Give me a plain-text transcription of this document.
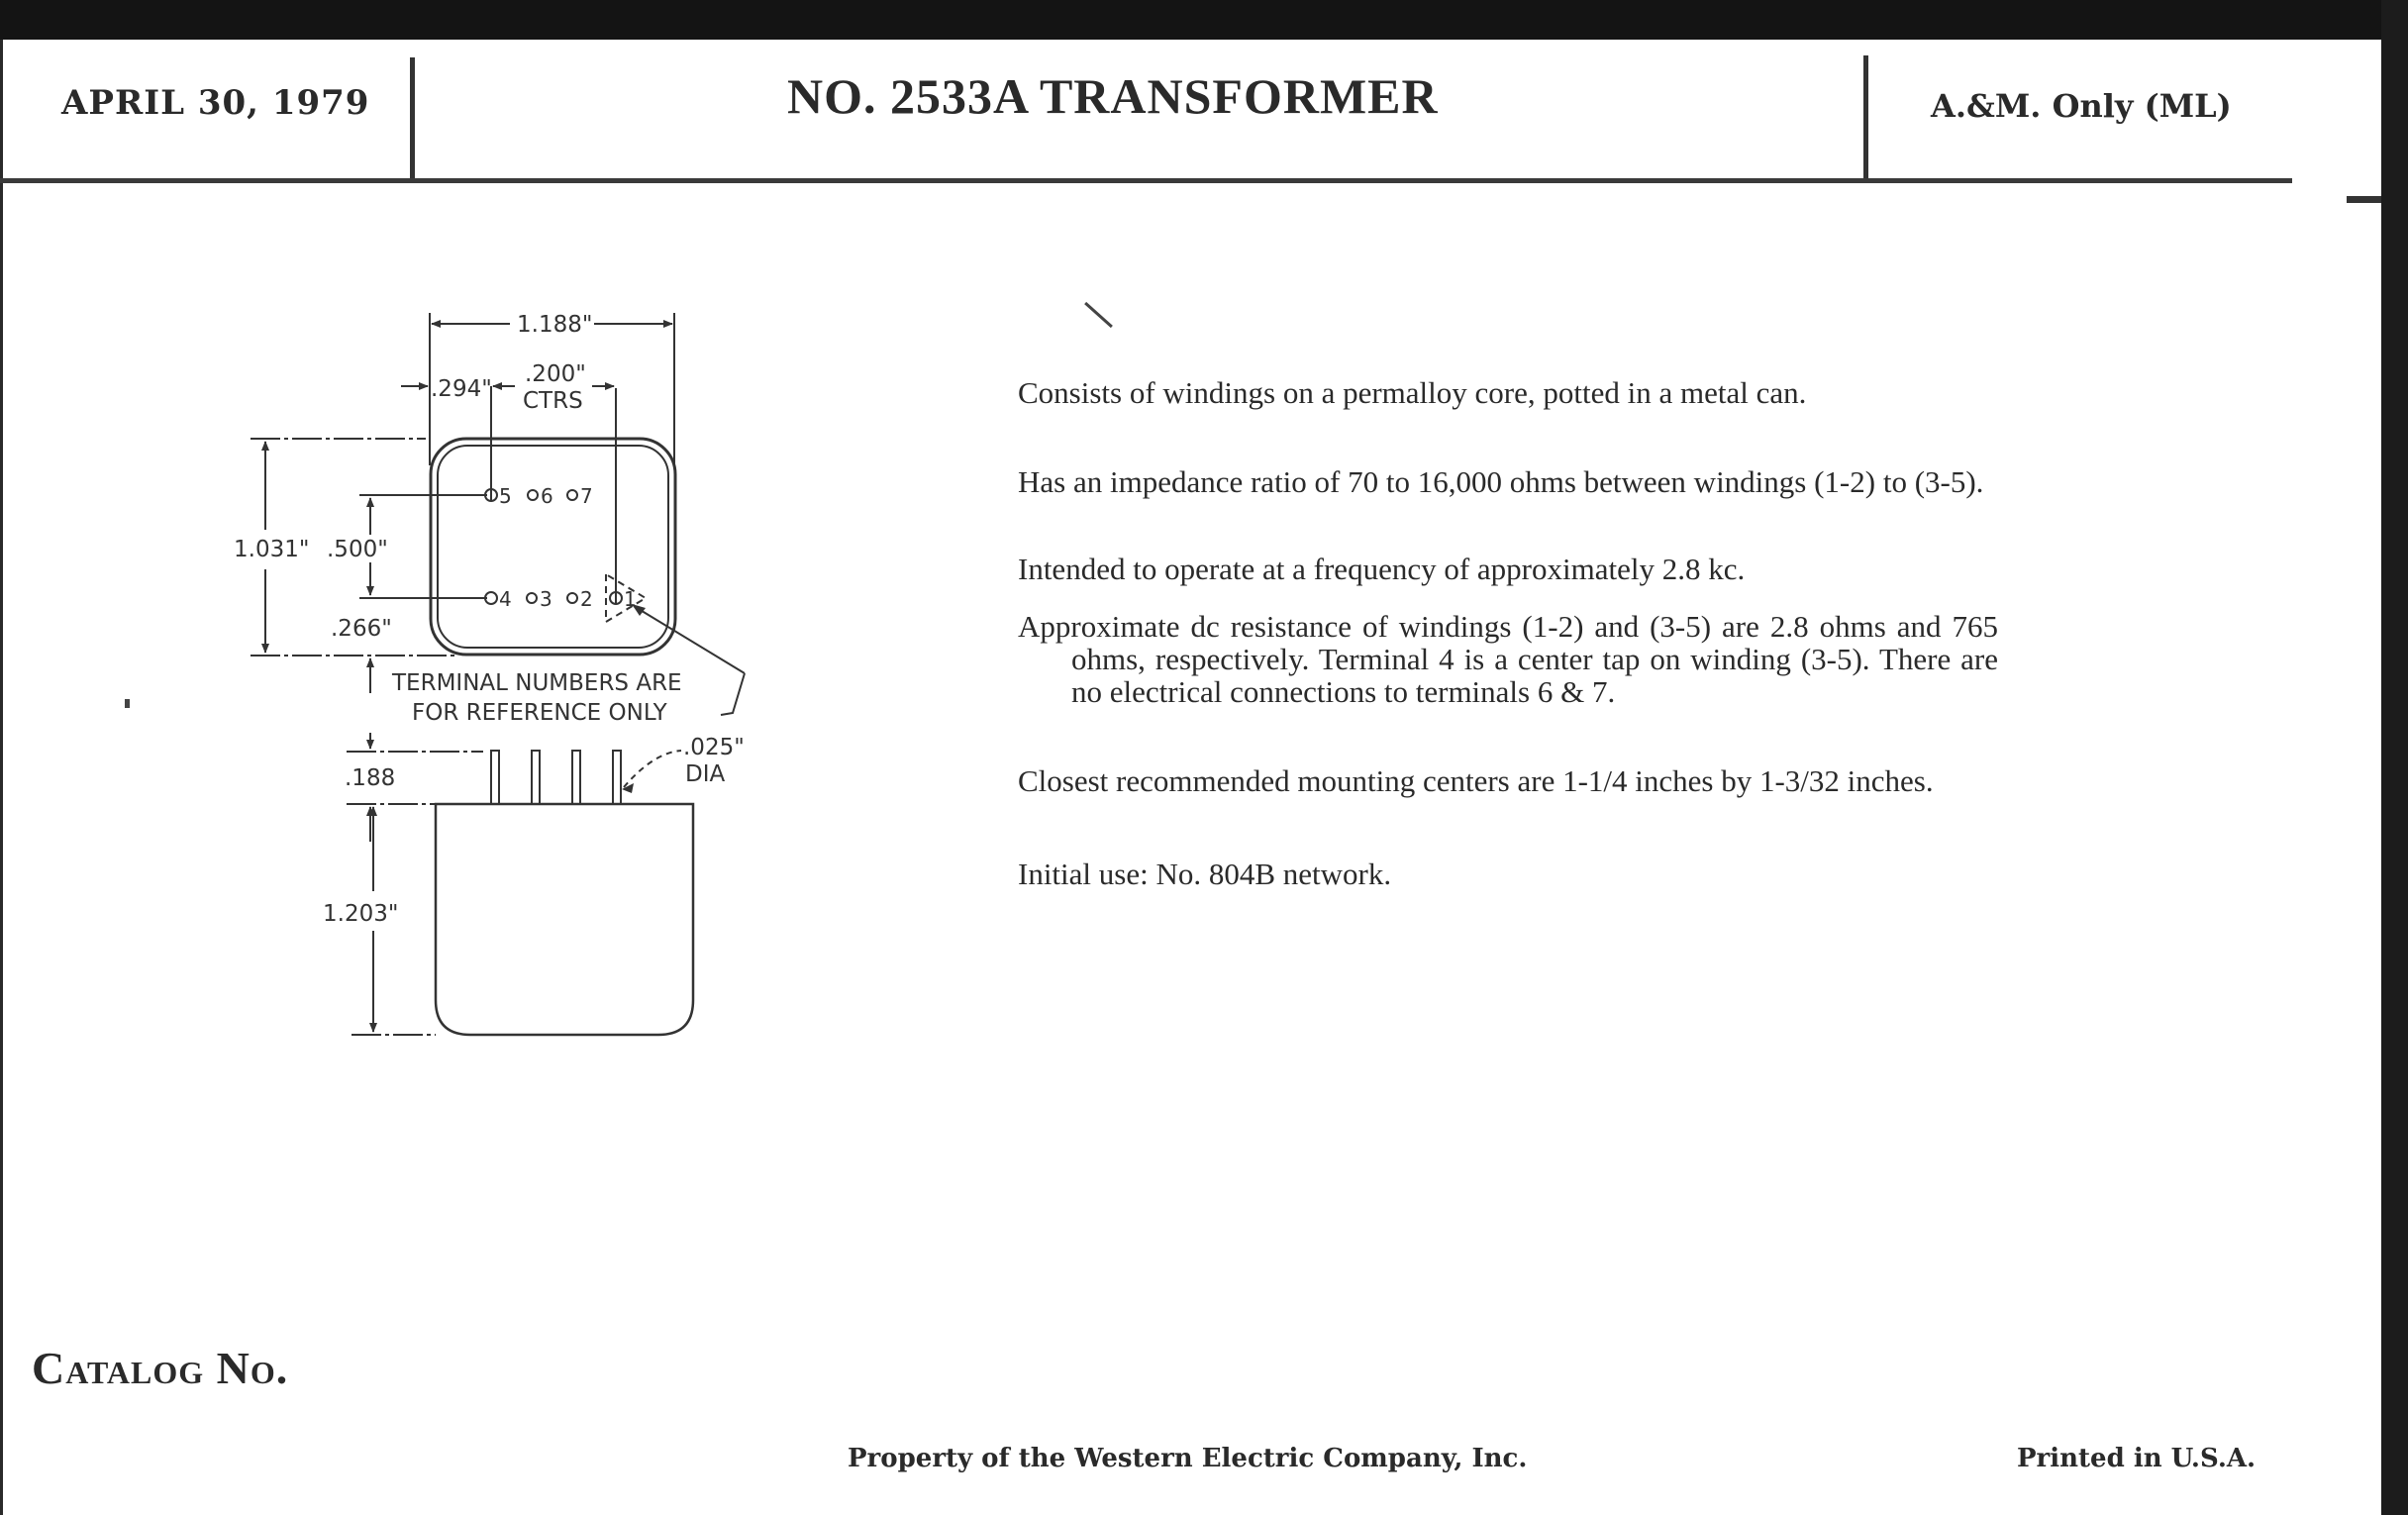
APRIL 30, 1979	NO. 2533A TRANSFORMER	A.&M. Only (ML)
1.188"
.294"
.200"
CTRS
1.031" .500"
.266"
5 6 7
4 3 2 1
TERMINAL NUMBERS ARE
FOR REFERENCE ONLY
.188
.025"
DIA
1.203"

Consists of windings on a permalloy core, potted in a metal can.

Has an impedance ratio of 70 to 16,000 ohms between windings (1-2) to (3-5).

Intended to operate at a frequency of approximately 2.8 kc.

Approximate dc resistance of windings (1-2) and (3-5) are 2.8 ohms and 765 ohms, respectively. Terminal 4 is a center tap on winding (3-5). There are no electrical connections to terminals 6 & 7.

Closest recommended mounting centers are 1-1/4 inches by 1-3/32 inches.

Initial use: No. 804B network.

Catalog No.
Property of the Western Electric Company, Inc.	Printed in U.S.A.
